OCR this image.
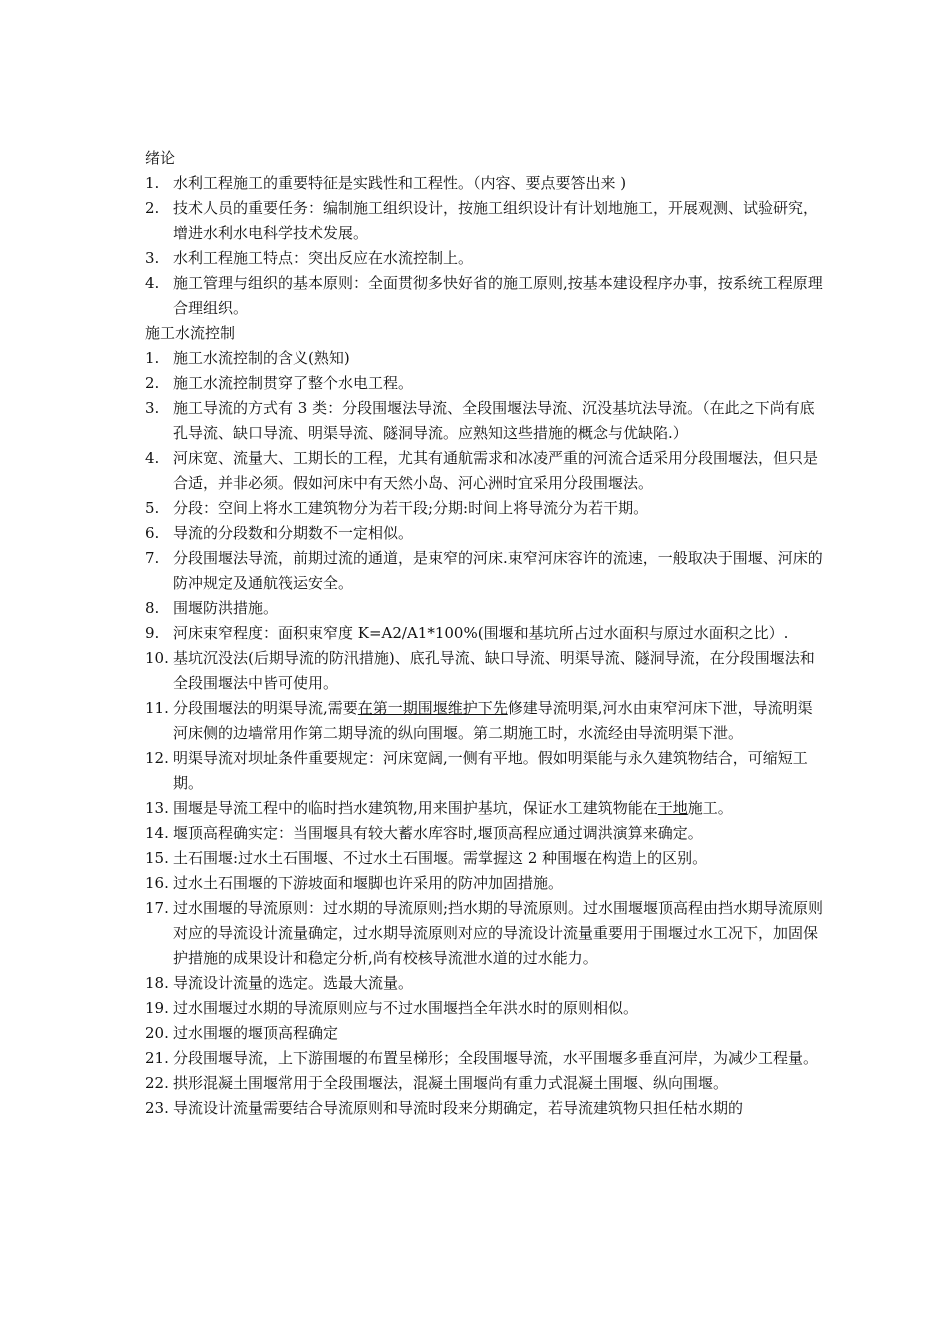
绪论

1. 水利工程施工的重要特征是实践性和工程性。（内容、要点要答出来 )
2. 技术人员的重要任务：编制施工组织设计，按施工组织设计有计划地施工，开展观测、试验研究，增进水利水电科学技术发展。
3. 水利工程施工特点：突出反应在水流控制上。
4. 施工管理与组织的基本原则：全面贯彻多快好省的施工原则,按基本建设程序办事，按系统工程原理合理组织。

施工水流控制

1. 施工水流控制的含义(熟知)
2. 施工水流控制贯穿了整个水电工程。
3. 施工导流的方式有 3 类：分段围堰法导流、全段围堰法导流、沉没基坑法导流。（在此之下尚有底孔导流、缺口导流、明渠导流、隧洞导流。应熟知这些措施的概念与优缺陷.）
4. 河床宽、流量大、工期长的工程，尤其有通航需求和冰凌严重的河流合适采用分段围堰法，但只是合适，并非必须。假如河床中有天然小岛、河心洲时宜采用分段围堰法。
5. 分段：空间上将水工建筑物分为若干段;分期:时间上将导流分为若干期。
6. 导流的分段数和分期数不一定相似。
7. 分段围堰法导流，前期过流的通道，是束窄的河床.束窄河床容许的流速，一般取决于围堰、河床的防冲规定及通航筏运安全。
8. 围堰防洪措施。
9. 河床束窄程度：面积束窄度 K=A2/A1*100%(围堰和基坑所占过水面积与原过水面积之比）.
10. 基坑沉没法(后期导流的防汛措施)、底孔导流、缺口导流、明渠导流、隧洞导流，在分段围堰法和全段围堰法中皆可使用。
11. 分段围堰法的明渠导流,需要在第一期围堰维护下先修建导流明渠,河水由束窄河床下泄，导流明渠河床侧的边墙常用作第二期导流的纵向围堰。第二期施工时，水流经由导流明渠下泄。
12. 明渠导流对坝址条件重要规定：河床宽阔,一侧有平地。假如明渠能与永久建筑物结合，可缩短工期。
13. 围堰是导流工程中的临时挡水建筑物,用来围护基坑，保证水工建筑物能在干地施工。
14. 堰顶高程确实定：当围堰具有较大蓄水库容时,堰顶高程应通过调洪演算来确定。
15. 土石围堰:过水土石围堰、不过水土石围堰。需掌握这 2 种围堰在构造上的区别。
16. 过水土石围堰的下游坡面和堰脚也许采用的防冲加固措施。
17. 过水围堰的导流原则：过水期的导流原则;挡水期的导流原则。过水围堰堰顶高程由挡水期导流原则对应的导流设计流量确定，过水期导流原则对应的导流设计流量重要用于围堰过水工况下，加固保护措施的成果设计和稳定分析,尚有校核导流泄水道的过水能力。
18. 导流设计流量的选定。选最大流量。
19. 过水围堰过水期的导流原则应与不过水围堰挡全年洪水时的原则相似。
20. 过水围堰的堰顶高程确定
21. 分段围堰导流，上下游围堰的布置呈梯形；全段围堰导流，水平围堰多垂直河岸，为减少工程量。
22. 拱形混凝土围堰常用于全段围堰法，混凝土围堰尚有重力式混凝土围堰、纵向围堰。
23. 导流设计流量需要结合导流原则和导流时段来分期确定，若导流建筑物只担任枯水期的
